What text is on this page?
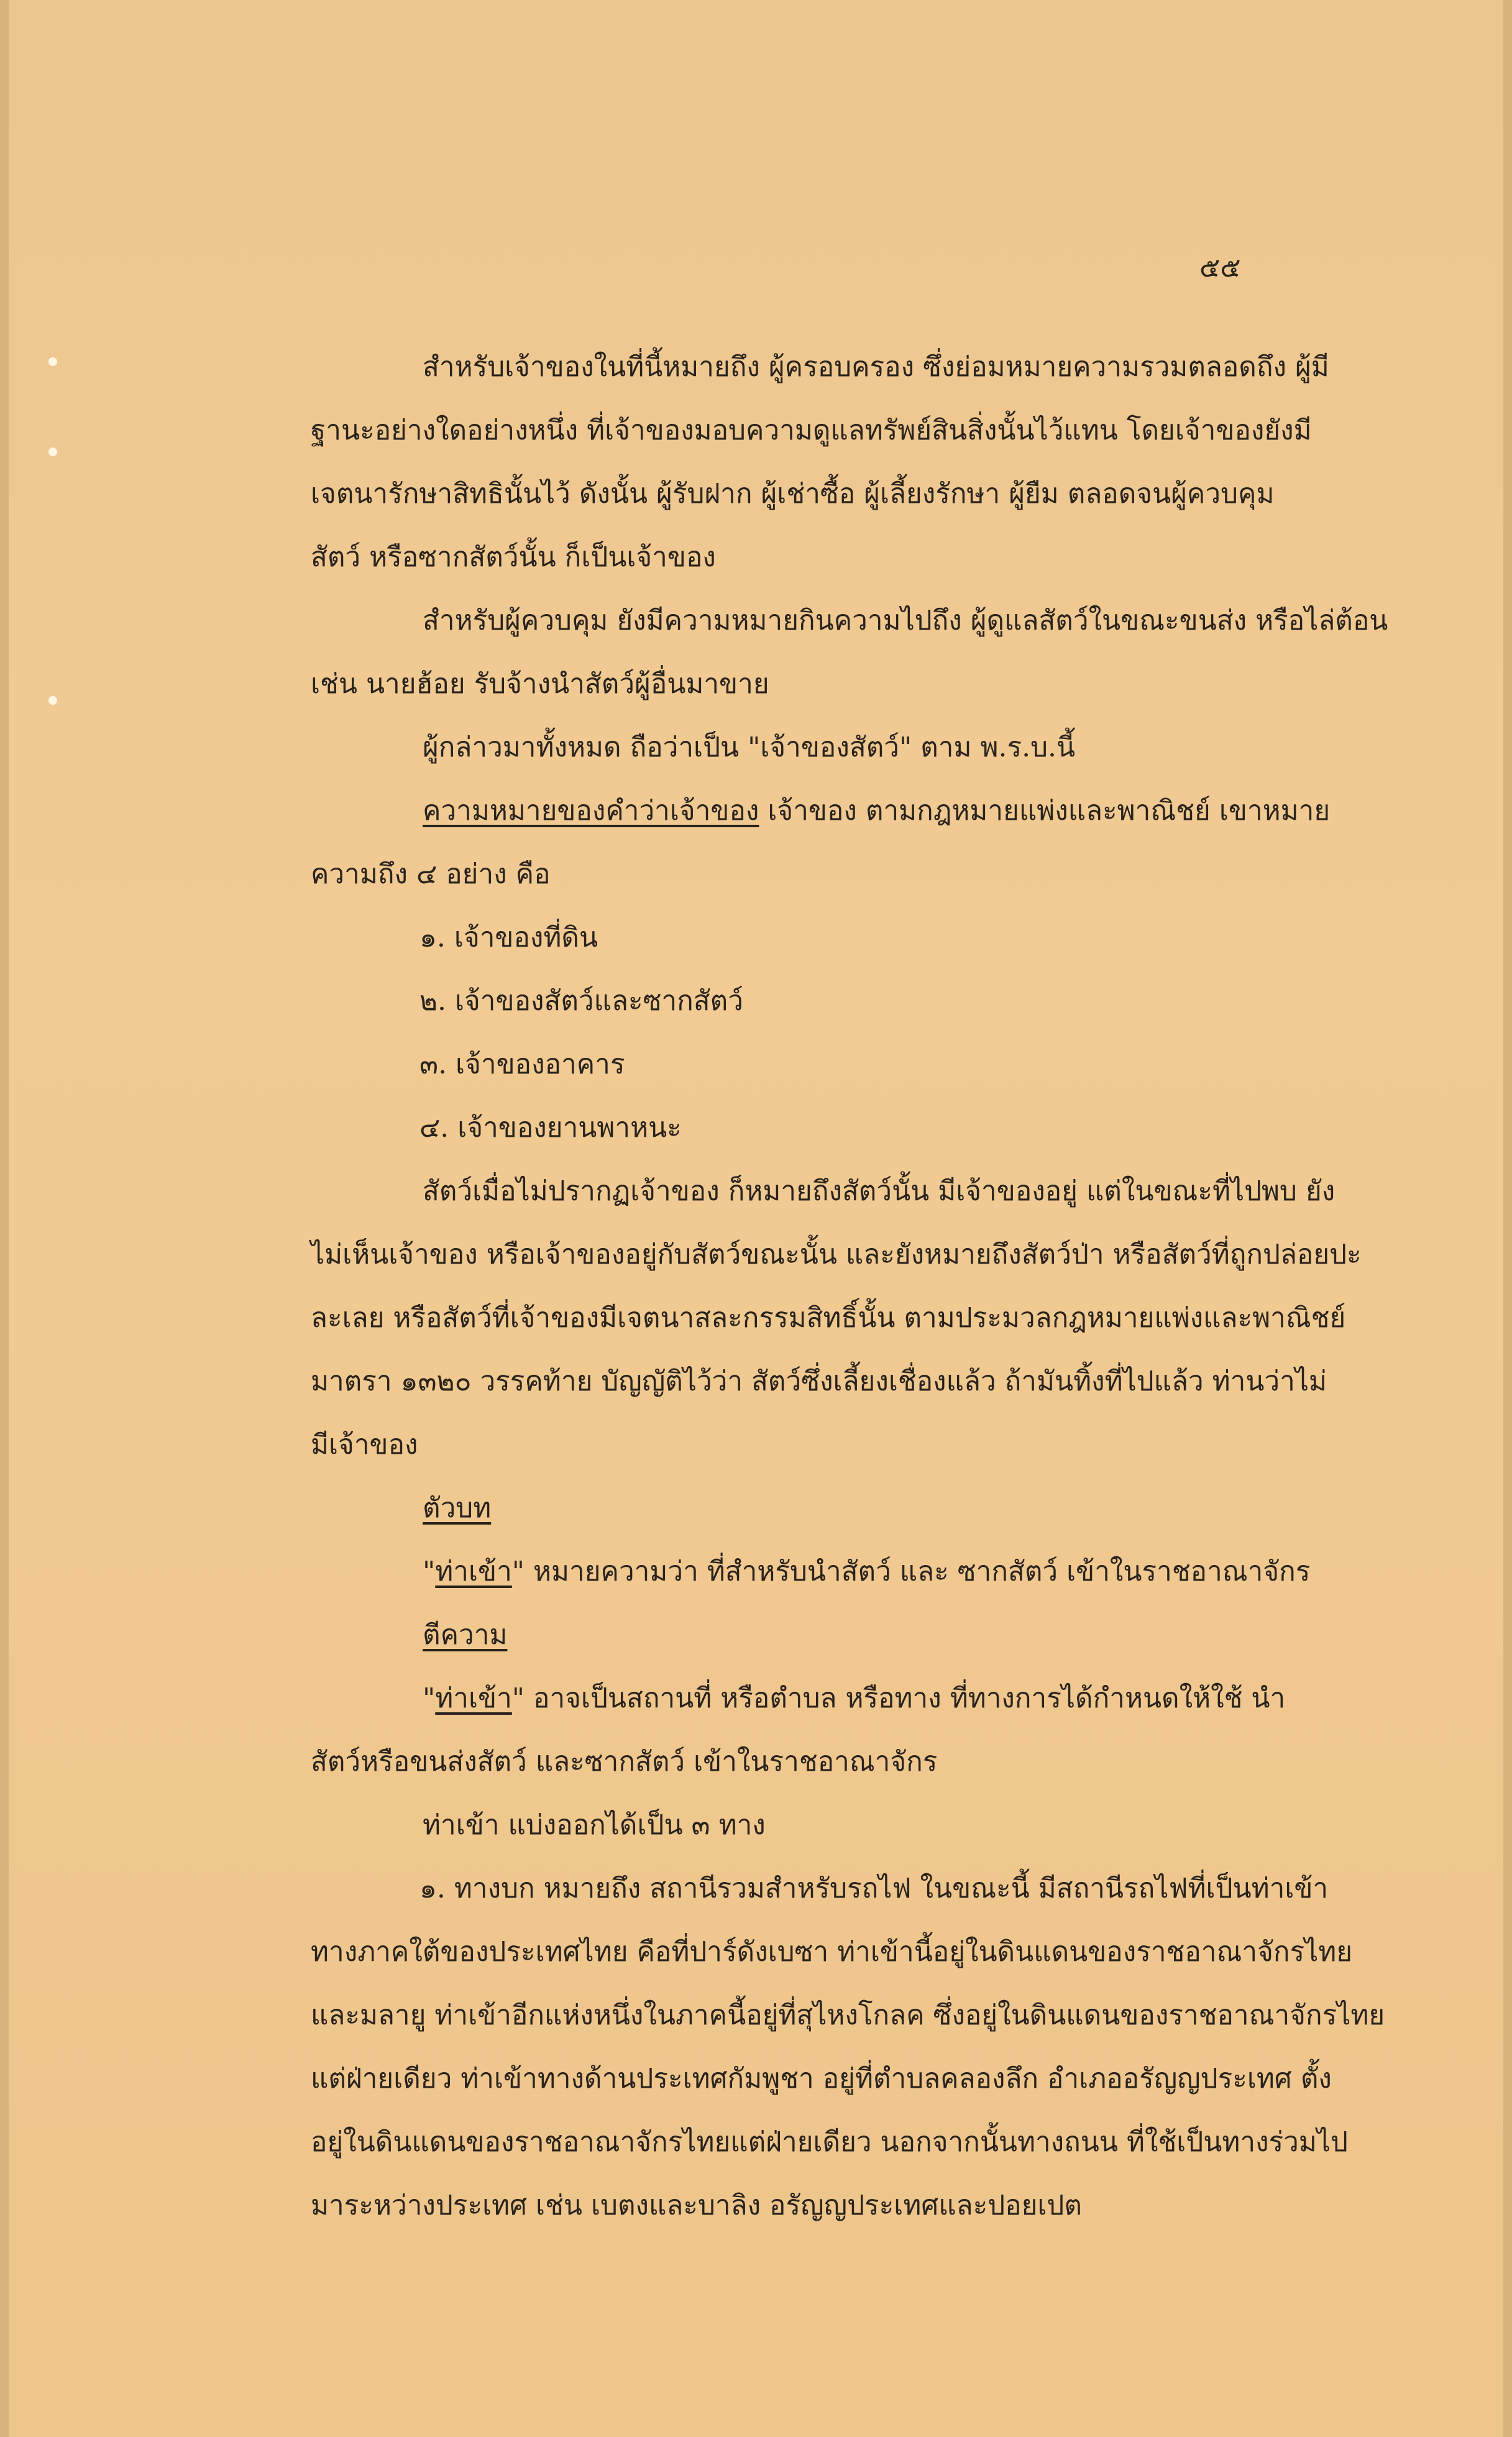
๕๕

สำหรับเจ้าของในที่นี้หมายถึง ผู้ครอบครอง ซึ่งย่อมหมายความรวมตลอดถึง ผู้มี

ฐานะอย่างใดอย่างหนึ่ง ที่เจ้าของมอบความดูแลทรัพย์สินสิ่งนั้นไว้แทน โดยเจ้าของยังมี

เจตนารักษาสิทธินั้นไว้ ดังนั้น ผู้รับฝาก ผู้เช่าซื้อ ผู้เลี้ยงรักษา ผู้ยืม ตลอดจนผู้ควบคุม

สัตว์ หรือซากสัตว์นั้น ก็เป็นเจ้าของ

สำหรับผู้ควบคุม ยังมีความหมายกินความไปถึง ผู้ดูแลสัตว์ในขณะขนส่ง หรือไล่ต้อน

เช่น นายฮ้อย รับจ้างนำสัตว์ผู้อื่นมาขาย

ผู้กล่าวมาทั้งหมด ถือว่าเป็น "เจ้าของสัตว์" ตาม พ.ร.บ.นี้

ความหมายของคำว่าเจ้าของ เจ้าของ ตามกฎหมายแพ่งและพาณิชย์ เขาหมาย

ความถึง ๔ อย่าง คือ

๑. เจ้าของที่ดิน

๒. เจ้าของสัตว์และซากสัตว์

๓. เจ้าของอาคาร

๔. เจ้าของยานพาหนะ

สัตว์เมื่อไม่ปรากฏเจ้าของ ก็หมายถึงสัตว์นั้น มีเจ้าของอยู่ แต่ในขณะที่ไปพบ ยัง

ไม่เห็นเจ้าของ หรือเจ้าของอยู่กับสัตว์ขณะนั้น และยังหมายถึงสัตว์ป่า หรือสัตว์ที่ถูกปล่อยปะ

ละเลย หรือสัตว์ที่เจ้าของมีเจตนาสละกรรมสิทธิ์นั้น ตามประมวลกฎหมายแพ่งและพาณิชย์

มาตรา ๑๓๒๐ วรรคท้าย บัญญัติไว้ว่า สัตว์ซึ่งเลี้ยงเชื่องแล้ว ถ้ามันทิ้งที่ไปแล้ว ท่านว่าไม่

มีเจ้าของ

ตัวบท

"ท่าเข้า" หมายความว่า ที่สำหรับนำสัตว์ และ ซากสัตว์ เข้าในราชอาณาจักร

ตีความ

"ท่าเข้า" อาจเป็นสถานที่ หรือตำบล หรือทาง ที่ทางการได้กำหนดให้ใช้ นำ

สัตว์หรือขนส่งสัตว์ และซากสัตว์ เข้าในราชอาณาจักร

ท่าเข้า แบ่งออกได้เป็น ๓ ทาง

๑. ทางบก หมายถึง สถานีรวมสำหรับรถไฟ ในขณะนี้ มีสถานีรถไฟที่เป็นท่าเข้า

ทางภาคใต้ของประเทศไทย คือที่ปาร์ดังเบซา ท่าเข้านี้อยู่ในดินแดนของราชอาณาจักรไทย

และมลายู ท่าเข้าอีกแห่งหนึ่งในภาคนี้อยู่ที่สุไหงโกลค ซึ่งอยู่ในดินแดนของราชอาณาจักรไทย

แต่ฝ่ายเดียว ท่าเข้าทางด้านประเทศกัมพูชา อยู่ที่ตำบลคลองลึก อำเภออรัญญประเทศ ตั้ง

อยู่ในดินแดนของราชอาณาจักรไทยแต่ฝ่ายเดียว นอกจากนั้นทางถนน ที่ใช้เป็นทางร่วมไป

มาระหว่างประเทศ เช่น เบตงและบาลิง อรัญญประเทศและปอยเปต
